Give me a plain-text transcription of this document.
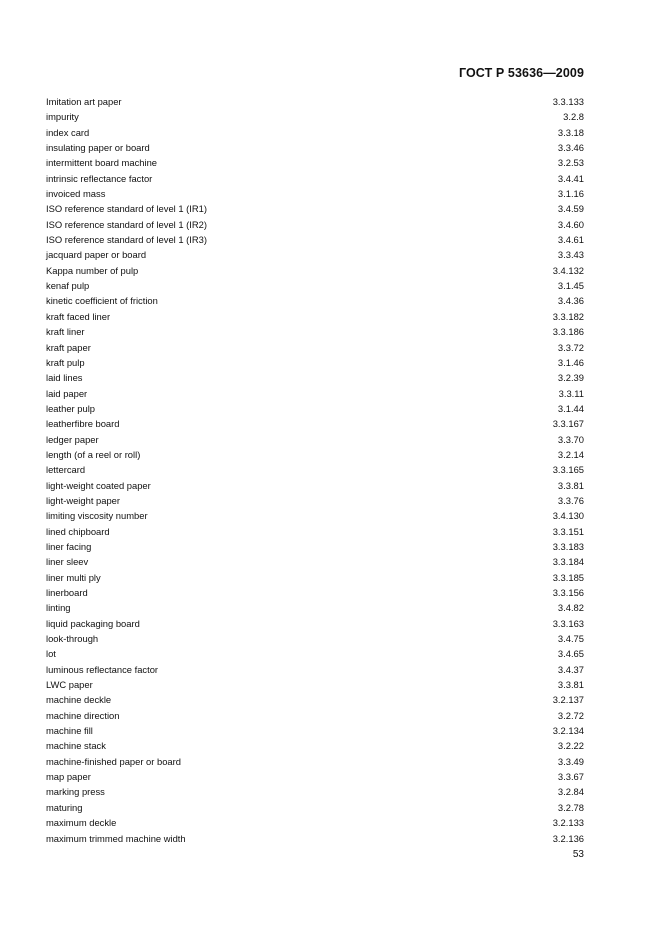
ГОСТ Р 53636—2009
Imitation art paper	3.3.133
impurity	3.2.8
index card	3.3.18
insulating paper or board	3.3.46
intermittent board machine	3.2.53
intrinsic reflectance factor	3.4.41
invoiced mass	3.1.16
ISO reference standard of level 1 (IR1)	3.4.59
ISO reference standard of level 1 (IR2)	3.4.60
ISO reference standard of level 1 (IR3)	3.4.61
jacquard paper or board	3.3.43
Kappa number of pulp	3.4.132
kenaf pulp	3.1.45
kinetic coefficient of friction	3.4.36
kraft faced liner	3.3.182
kraft liner	3.3.186
kraft paper	3.3.72
kraft pulp	3.1.46
laid lines	3.2.39
laid paper	3.3.11
leather pulp	3.1.44
leatherfibre board	3.3.167
ledger paper	3.3.70
length (of a reel or roll)	3.2.14
lettercard	3.3.165
light-weight coated paper	3.3.81
light-weight paper	3.3.76
limiting viscosity number	3.4.130
lined chipboard	3.3.151
liner facing	3.3.183
liner sleev	3.3.184
liner multi ply	3.3.185
linerboard	3.3.156
linting	3.4.82
liquid packaging board	3.3.163
look-through	3.4.75
lot	3.4.65
luminous reflectance factor	3.4.37
LWC paper	3.3.81
machine deckle	3.2.137
machine direction	3.2.72
machine fill	3.2.134
machine stack	3.2.22
machine-finished paper or board	3.3.49
map paper	3.3.67
marking press	3.2.84
maturing	3.2.78
maximum deckle	3.2.133
maximum trimmed machine width	3.2.136
53
